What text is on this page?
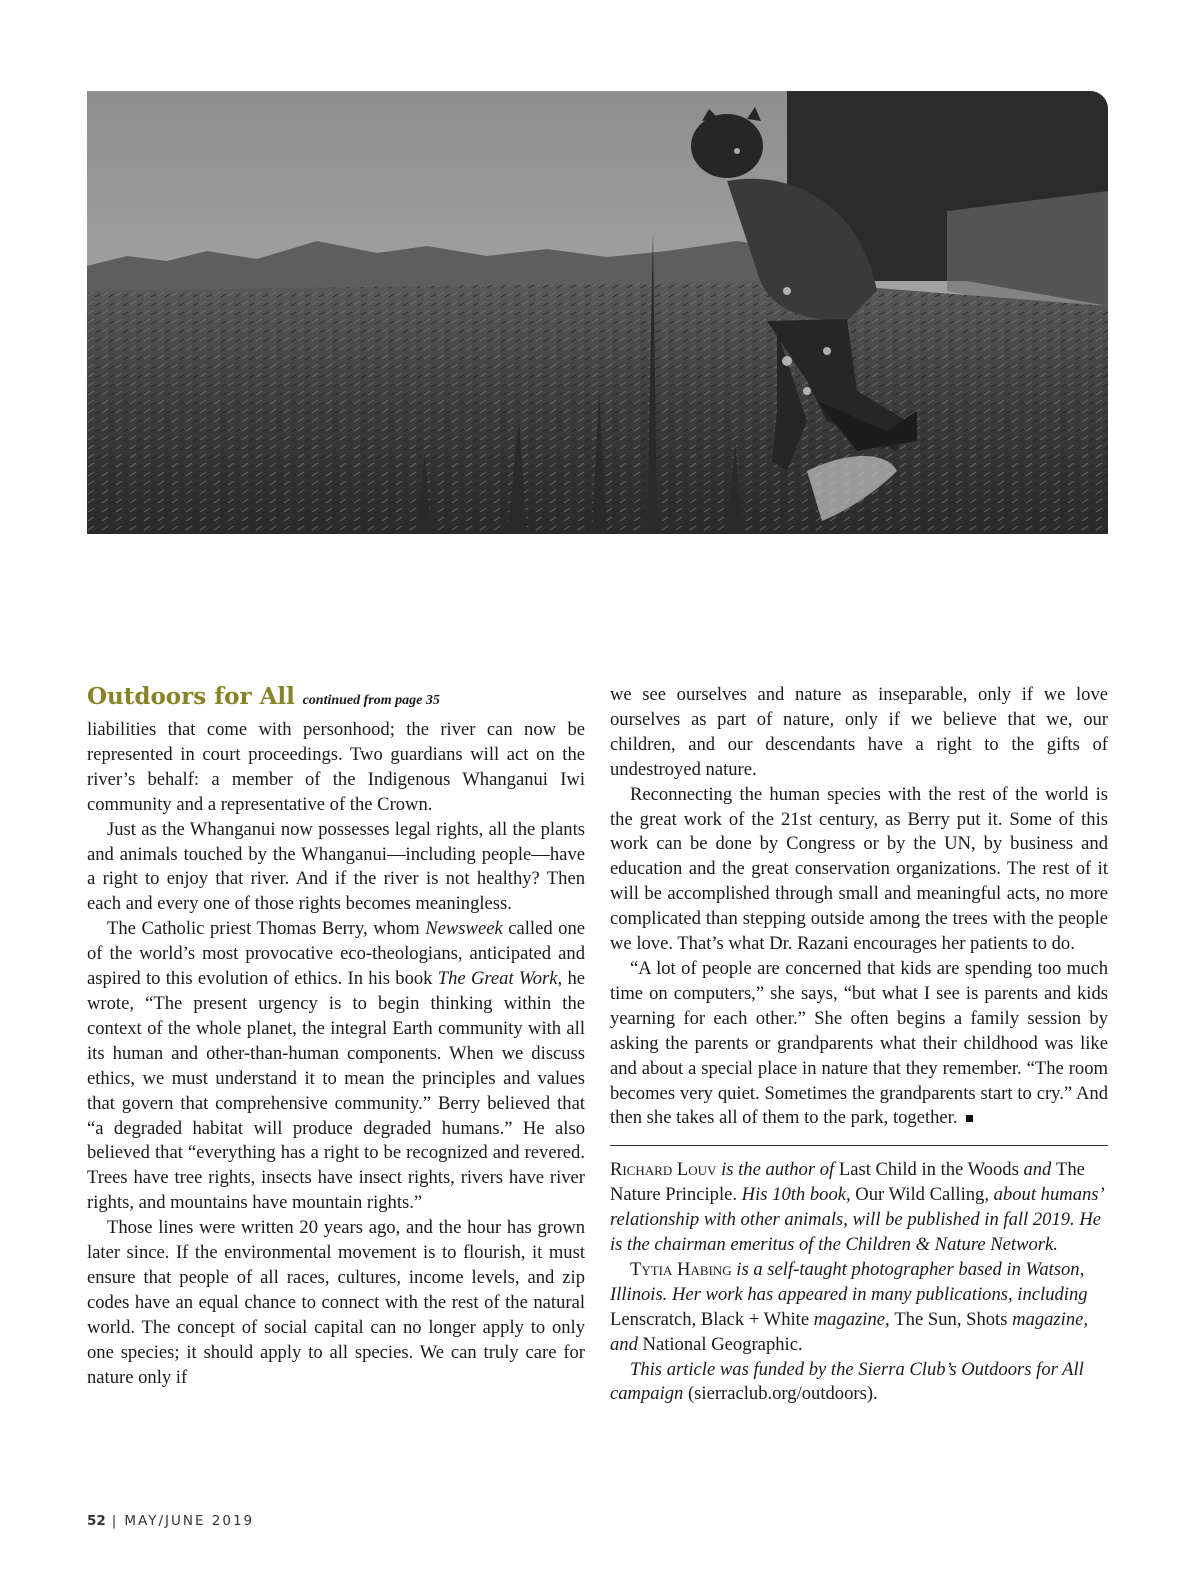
Outdoors for All continued from page 35

liabilities that come with personhood; the river can now be represented in court proceedings. Two guardians will act on the river’s behalf: a member of the Indigenous Whanganui Iwi community and a representative of the Crown.

Just as the Whanganui now possesses legal rights, all the plants and animals touched by the Whanganui—including people—have a right to enjoy that river. And if the river is not healthy? Then each and every one of those rights becomes meaningless.

The Catholic priest Thomas Berry, whom Newsweek called one of the world’s most provocative eco-theologians, anticipated and aspired to this evolution of ethics. In his book The Great Work, he wrote, “The present urgency is to begin thinking within the context of the whole planet, the integral Earth community with all its human and other-than-human components. When we discuss ethics, we must understand it to mean the principles and values that govern that comprehensive community.” Berry believed that “a degraded habitat will produce degraded humans.” He also believed that “everything has a right to be recognized and revered. Trees have tree rights, insects have insect rights, rivers have river rights, and mountains have mountain rights.”

Those lines were written 20 years ago, and the hour has grown later since. If the environmental movement is to flourish, it must ensure that people of all races, cultures, income levels, and zip codes have an equal chance to connect with the rest of the natural world. The concept of social capital can no longer apply to only one species; it should apply to all species. We can truly care for nature only if

we see ourselves and nature as inseparable, only if we love ourselves as part of nature, only if we believe that we, our children, and our descendants have a right to the gifts of undestroyed nature.

Reconnecting the human species with the rest of the world is the great work of the 21st century, as Berry put it. Some of this work can be done by Congress or by the UN, by business and education and the great conservation organizations. The rest of it will be accomplished through small and meaningful acts, no more complicated than stepping outside among the trees with the people we love. That’s what Dr. Razani encourages her patients to do.

“A lot of people are concerned that kids are spending too much time on computers,” she says, “but what I see is parents and kids yearning for each other.” She often begins a family session by asking the parents or grandparents what their childhood was like and about a special place in nature that they remember. “The room becomes very quiet. Sometimes the grandparents start to cry.” And then she takes all of them to the park, together.

Richard Louv is the author of Last Child in the Woods and The Nature Principle. His 10th book, Our Wild Calling, about humans’ relationship with other animals, will be published in fall 2019. He is the chairman emeritus of the Children & Nature Network.

Tytia Habing is a self-taught photographer based in Watson, Illinois. Her work has appeared in many publications, including Lenscratch, Black + White magazine, The Sun, Shots magazine, and National Geographic.

This article was funded by the Sierra Club’s Outdoors for All campaign (sierraclub.org/outdoors).

52 | MAY/JUNE 2019
